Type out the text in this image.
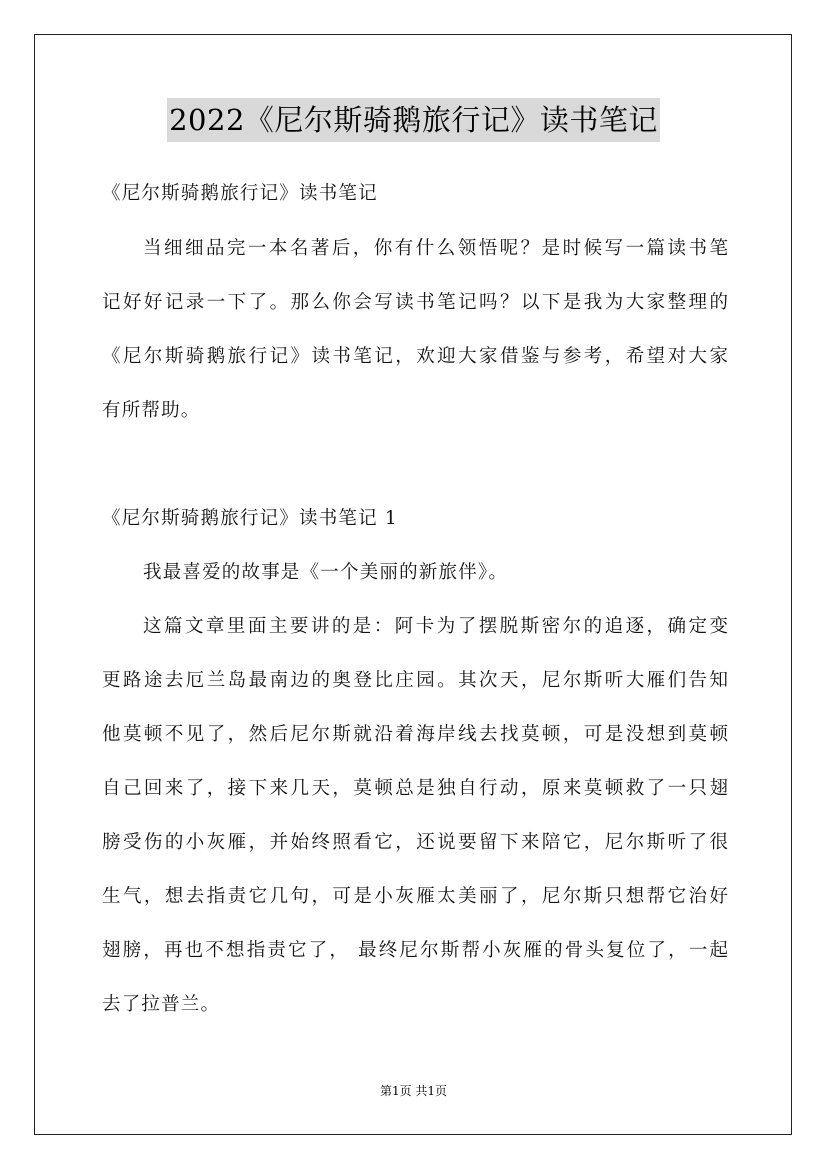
2022《尼尔斯骑鹅旅行记》读书笔记
《尼尔斯骑鹅旅行记》读书笔记
当细细品完一本名著后，你有什么领悟呢？是时候写一篇读书笔
记好好记录一下了。那么你会写读书笔记吗？以下是我为大家整理的
《尼尔斯骑鹅旅行记》读书笔记，欢迎大家借鉴与参考，希望对大家
有所帮助。
《尼尔斯骑鹅旅行记》读书笔记 1
我最喜爱的故事是《一个美丽的新旅伴》。
这篇文章里面主要讲的是：阿卡为了摆脱斯密尔的追逐，确定变
更路途去厄兰岛最南边的奥登比庄园。其次天，尼尔斯听大雁们告知
他莫顿不见了，然后尼尔斯就沿着海岸线去找莫顿，可是没想到莫顿
自己回来了，接下来几天，莫顿总是独自行动，原来莫顿救了一只翅
膀受伤的小灰雁，并始终照看它，还说要留下来陪它，尼尔斯听了很
生气，想去指责它几句，可是小灰雁太美丽了，尼尔斯只想帮它治好
翅膀，再也不想指责它了， 最终尼尔斯帮小灰雁的骨头复位了，一起
去了拉普兰。
第1页 共1页
